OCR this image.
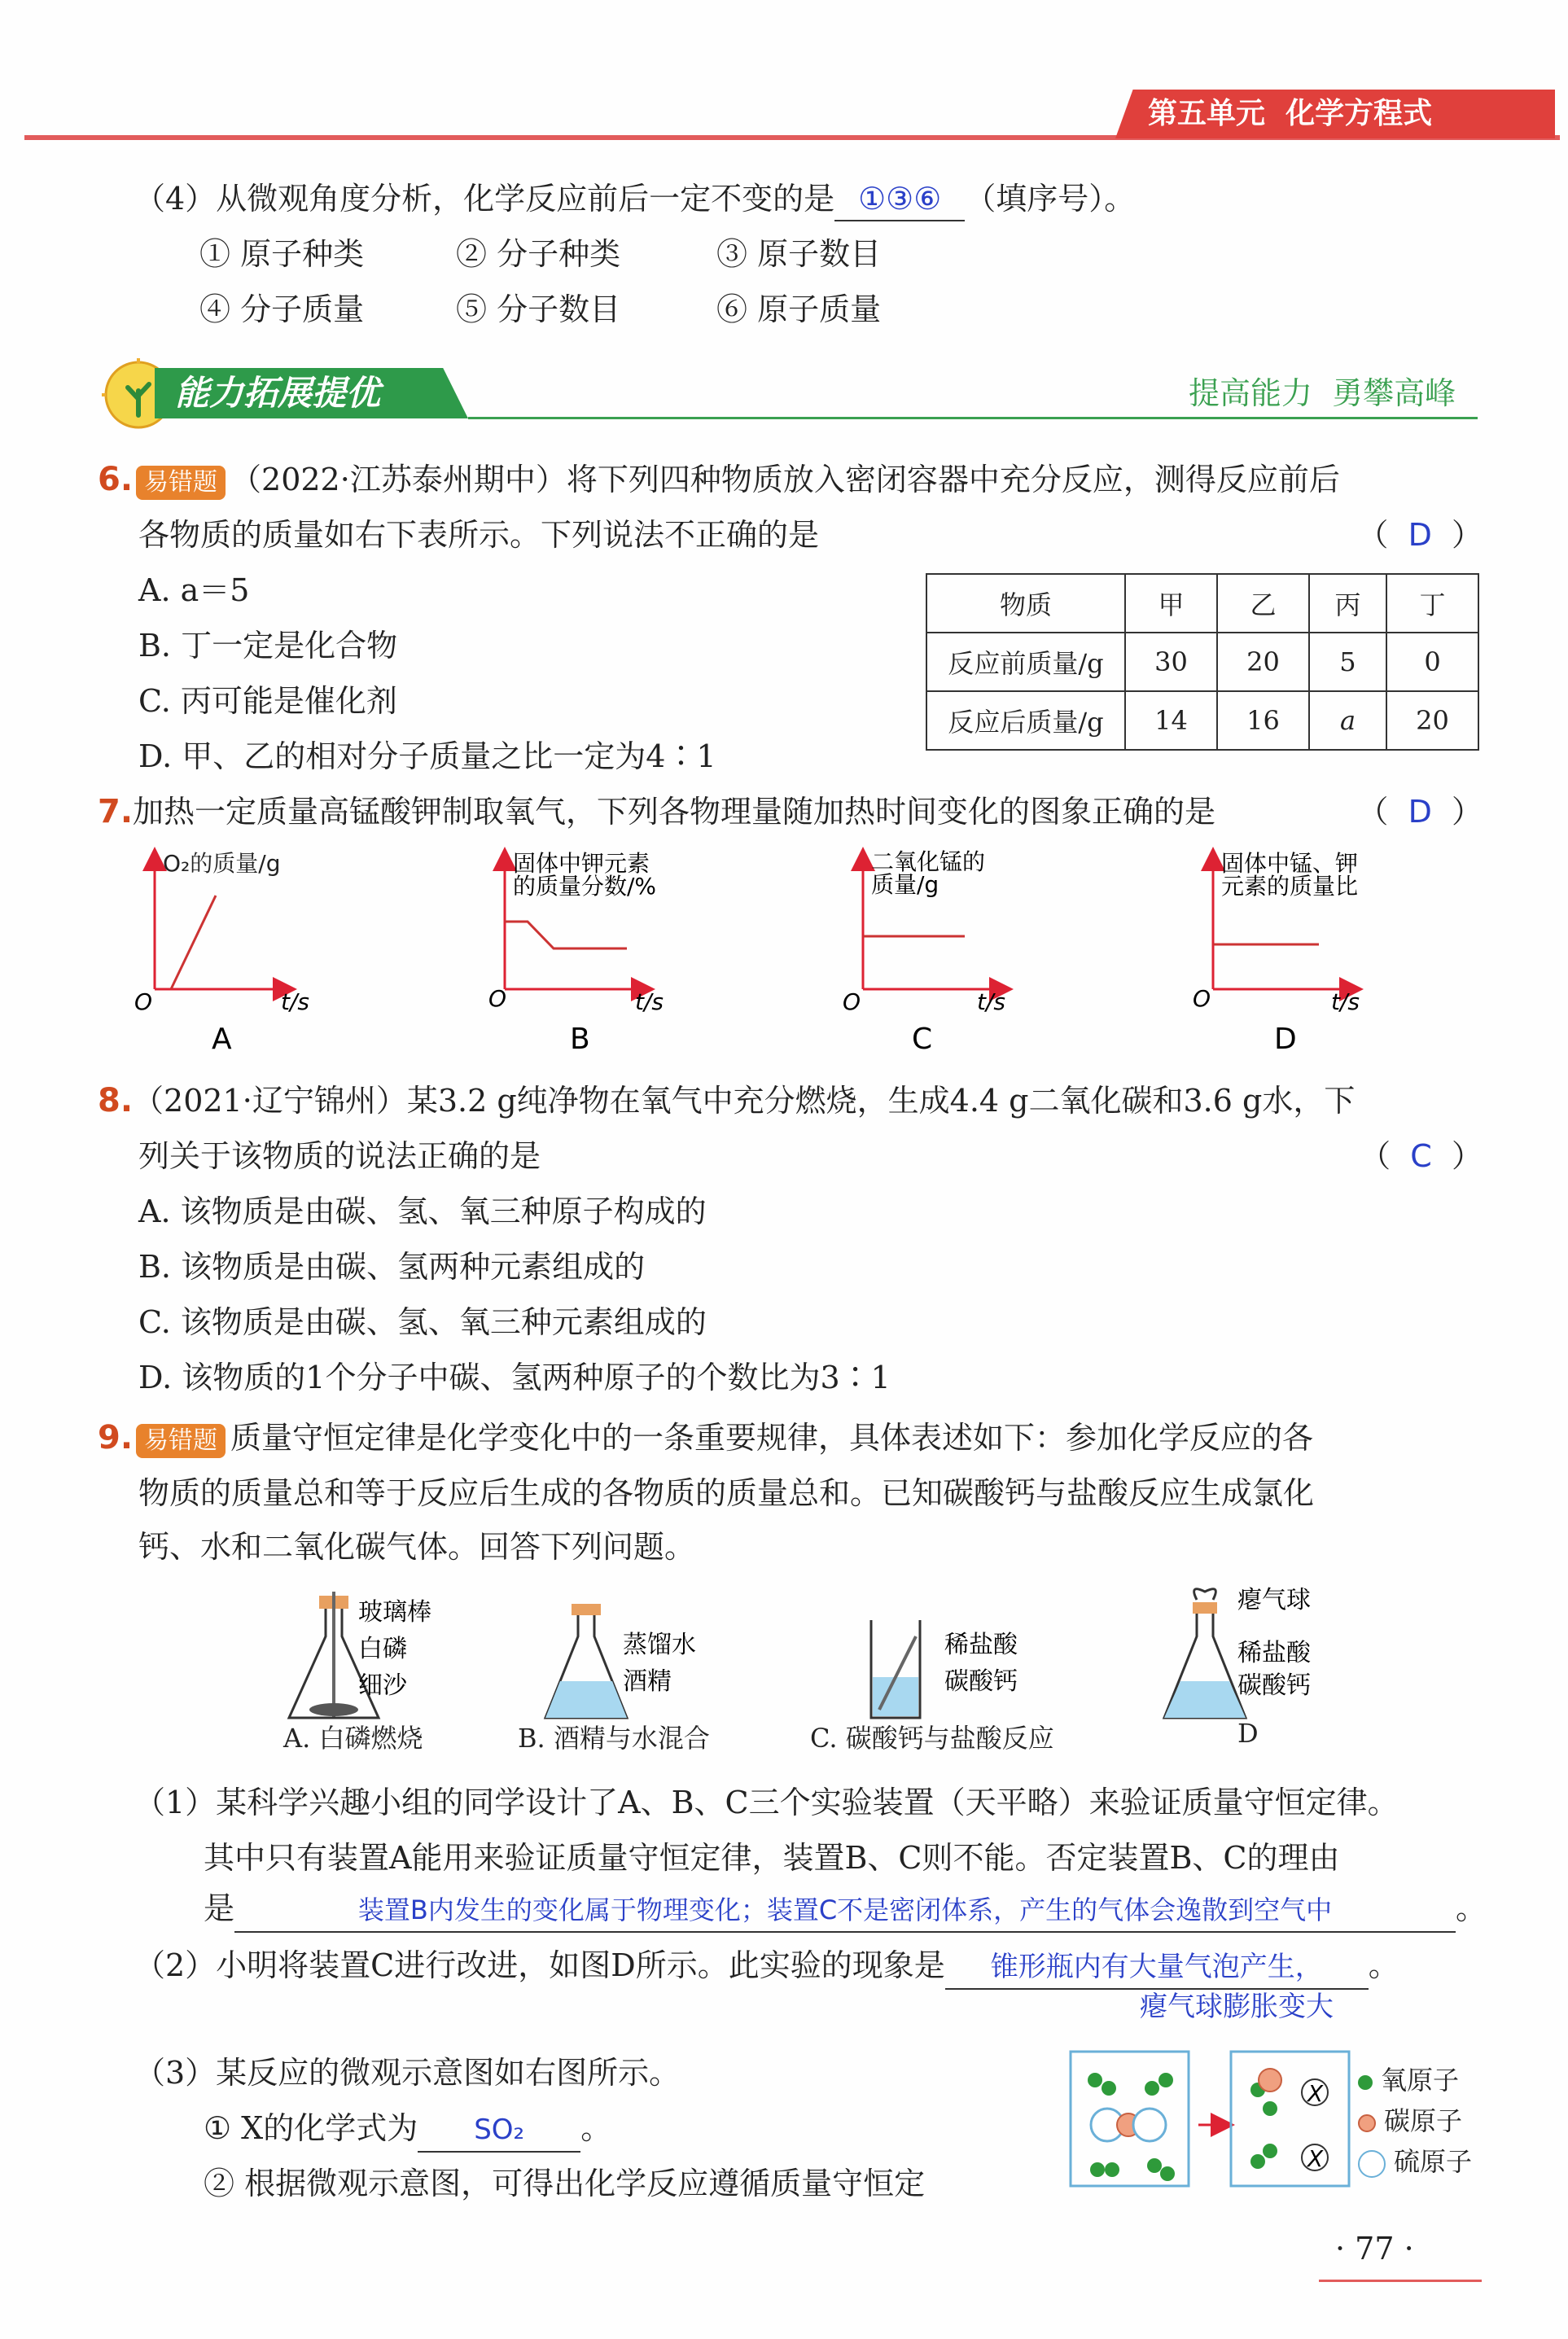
第五单元  化学方程式
（4）从微观角度分析，化学反应前后一定不变的是 ①③⑥ （填序号）。
① 原子种类	② 分子种类	③ 原子数目
④ 分子质量	⑤ 分子数目	⑥ 原子质量
能力拓展提优	提高能力  勇攀高峰
6. 易错题 （2022·江苏泰州期中）将下列四种物质放入密闭容器中充分反应，测得反应前后
各物质的质量如右下表所示。下列说法不正确的是	（  D  ）
A. a＝5
B. 丁一定是化合物
C. 丙可能是催化剂
D. 甲、乙的相对分子质量之比一定为4∶1
物质	甲	乙	丙	丁
反应前质量/g	30	20	5	0
反应后质量/g	14	16	a	20
7.加热一定质量高锰酸钾制取氧气，下列各物理量随加热时间变化的图象正确的是	（  D  ）
O₂的质量/g
O	t/s
A
固体中钾元素
的质量分数/%
O	t/s
B
二氧化锰的
质量/g
O	t/s
C
固体中锰、钾
元素的质量比
O	t/s
D
8.（2021·辽宁锦州）某3.2 g纯净物在氧气中充分燃烧，生成4.4 g二氧化碳和3.6 g水，下
列关于该物质的说法正确的是	（  C  ）
A. 该物质是由碳、氢、氧三种原子构成的
B. 该物质是由碳、氢两种元素组成的
C. 该物质是由碳、氢、氧三种元素组成的
D. 该物质的1个分子中碳、氢两种原子的个数比为3∶1
9. 易错题 质量守恒定律是化学变化中的一条重要规律，具体表述如下：参加化学反应的各
物质的质量总和等于反应后生成的各物质的质量总和。已知碳酸钙与盐酸反应生成氯化
钙、水和二氧化碳气体。回答下列问题。
玻璃棒
白磷
细沙
A. 白磷燃烧
蒸馏水
酒精
B. 酒精与水混合
稀盐酸
碳酸钙
C. 碳酸钙与盐酸反应
瘪气球
稀盐酸
碳酸钙
D
（1）某科学兴趣小组的同学设计了A、B、C三个实验装置（天平略）来验证质量守恒定律。
其中只有装置A能用来验证质量守恒定律，装置B、C则不能。否定装置B、C的理由
是	装置B内发生的变化属于物理变化；装置C不是密闭体系，产生的气体会逸散到空气中	。
（2）小明将装置C进行改进，如图D所示。此实验的现象是 锥形瓶内有大量气泡产生， 。
瘪气球膨胀变大
（3）某反应的微观示意图如右图所示。
① X的化学式为 SO₂ 。
② 根据微观示意图，可得出化学反应遵循质量守恒定
X
X
氧原子
碳原子
硫原子
· 77 ·
